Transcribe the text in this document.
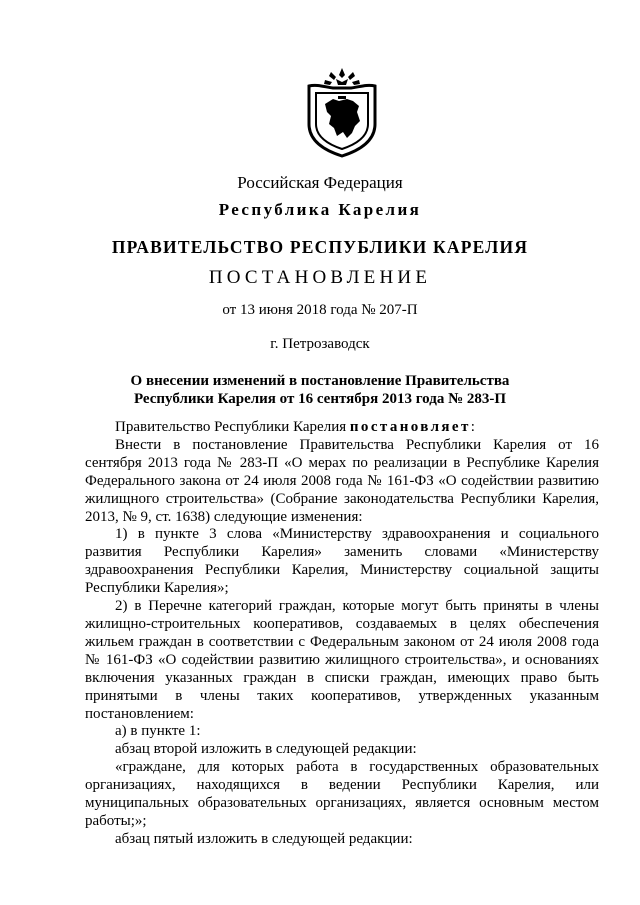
Российская Федерация
Республика Карелия
ПРАВИТЕЛЬСТВО РЕСПУБЛИКИ КАРЕЛИЯ
ПОСТАНОВЛЕНИЕ
от 13 июня 2018 года № 207-П
г. Петрозаводск
О внесении изменений в постановление Правительства
Республики Карелия от 16 сентября 2013 года № 283-П

Правительство Республики Карелия постановляет:

Внести в постановление Правительства Республики Карелия от 16 сентября 2013 года № 283-П «О мерах по реализации в Республике Карелия Федерального закона от 24 июля 2008 года № 161-ФЗ «О содействии развитию жилищного строительства» (Собрание законодательства Республики Карелия, 2013, № 9, ст. 1638) следующие изменения:

1) в пункте 3 слова «Министерству здравоохранения и социального развития Республики Карелия» заменить словами «Министерству здравоохранения Республики Карелия, Министерству социальной защиты Республики Карелия»;

2) в Перечне категорий граждан, которые могут быть приняты в члены жилищно-строительных кооперативов, создаваемых в целях обеспечения жильем граждан в соответствии с Федеральным законом от 24 июля 2008 года № 161-ФЗ «О содействии развитию жилищного строительства», и основаниях включения указанных граждан в списки граждан, имеющих право быть принятыми в члены таких кооперативов, утвержденных указанным постановлением:

а) в пункте 1:

абзац второй изложить в следующей редакции:

«граждане, для которых работа в государственных образовательных организациях, находящихся в ведении Республики Карелия, или муниципальных образовательных организациях, является основным местом работы;»;

абзац пятый изложить в следующей редакции:
